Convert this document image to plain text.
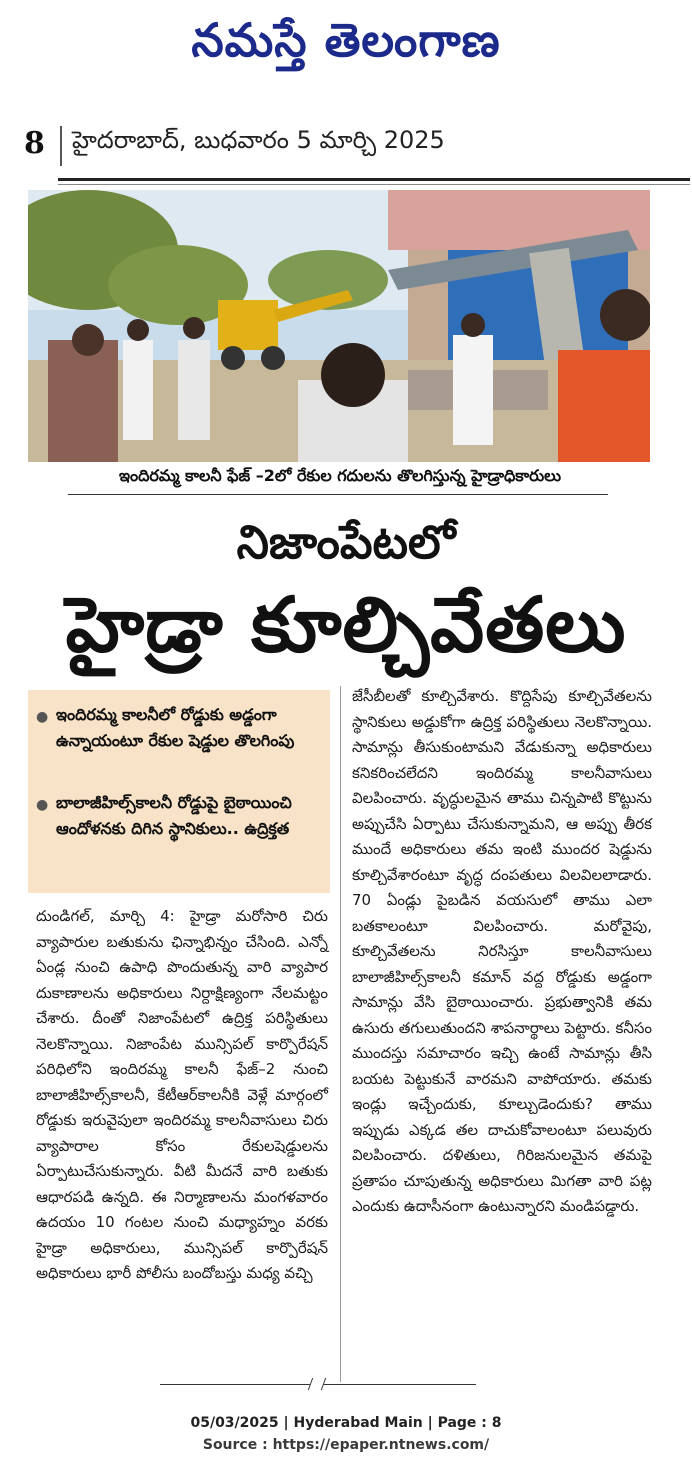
నమస్తే తెలంగాణ
8 హైదరాబాద్, బుధవారం 5 మార్చి 2025
ఇందిరమ్మ కాలనీ ఫేజ్ –2లో రేకుల గదులను తొలగిస్తున్న హైడ్రాధికారులు
నిజాంపేటలో
హైడ్రా కూల్చివేతలు
● ఇందిరమ్మ కాలనీలో రోడ్డుకు అడ్డంగా ఉన్నాయంటూ రేకుల షెడ్డుల తొలగింపు
● బాలాజీహిల్స్‌కాలనీ రోడ్డుపై బైఠాయించి ఆందోళనకు దిగిన స్థానికులు.. ఉద్రిక్తత

దుండిగల్, మార్చి 4: హైడ్రా మరోసారి చిరు వ్యాపారుల బతుకును ఛిన్నాభిన్నం చేసింది. ఎన్నో ఏండ్ల నుంచి ఉపాధి పొందుతున్న వారి వ్యాపార దుకాణాలను అధికారులు నిర్దాక్షిణ్యంగా నేలమట్టం చేశారు. దీంతో నిజాంపేటలో ఉద్రిక్త పరిస్థితులు నెలకొన్నాయి. నిజాంపేట మున్సిపల్ కార్పొరేషన్ పరిధిలోని ఇందిరమ్మ కాలనీ ఫేజ్–2 నుంచి బాలాజీహిల్స్‌కాలనీ, కేటీఆర్‌కాలనీకి వెళ్లే మార్గంలో రోడ్డుకు ఇరువైపులా ఇందిరమ్మ కాలనీవాసులు చిరు వ్యాపారాల కోసం రేకులషెడ్డులను ఏర్పాటుచేసుకున్నారు. వీటి మీదనే వారి బతుకు ఆధారపడి ఉన్నది. ఈ నిర్మాణాలను మంగళవారం ఉదయం 10 గంటల నుంచి మధ్యాహ్నం వరకు హైడ్రా అధికారులు, మున్సిపల్ కార్పొరేషన్ అధికారులు భారీ పోలీసు బందోబస్తు మధ్య వచ్చి

జేసీబీలతో కూల్చివేశారు. కొద్దిసేపు కూల్చివేతలను స్థానికులు అడ్డుకోగా ఉద్రిక్త పరిస్థితులు నెలకొన్నాయి. సామాన్లు తీసుకుంటామని వేడుకున్నా అధికారులు కనికరించలేదని ఇందిరమ్మ కాలనీవాసులు విలపించారు. వృద్ధులమైన తాము చిన్నపాటి కొట్టును అప్పుచేసి ఏర్పాటు చేసుకున్నామని, ఆ అప్పు తీరక ముందే అధికారులు తమ ఇంటి ముందర షెడ్డును కూల్చివేశారంటూ వృద్ధ దంపతులు విలవిలలాడారు. 70 ఏండ్లు పైబడిన వయసులో తాము ఎలా బతకాలంటూ విలపించారు. మరోవైపు, కూల్చివేతలను నిరసిస్తూ కాలనీవాసులు బాలాజీహిల్స్‌కాలనీ కమాన్ వద్ద రోడ్డుకు అడ్డంగా సామాన్లు వేసి బైఠాయించారు. ప్రభుత్వానికి తమ ఉసురు తగులుతుందని శాపనార్థాలు పెట్టారు. కనీసం ముందస్తు సమాచారం ఇచ్చి ఉంటే సామాన్లు తీసి బయట పెట్టుకునే వారమని వాపోయారు. తమకు ఇండ్లు ఇచ్చేందుకు, కూల్చుడెందుకు? తాము ఇప్పుడు ఎక్కడ తల దాచుకోవాలంటూ పలువురు విలపించారు. దళితులు, గిరిజనులమైన తమపై ప్రతాపం చూపుతున్న అధికారులు మిగతా వారి పట్ల ఎందుకు ఉదాసీనంగా ఉంటున్నారని మండిపడ్డారు.

05/03/2025 | Hyderabad Main | Page : 8
Source : https://epaper.ntnews.com/
